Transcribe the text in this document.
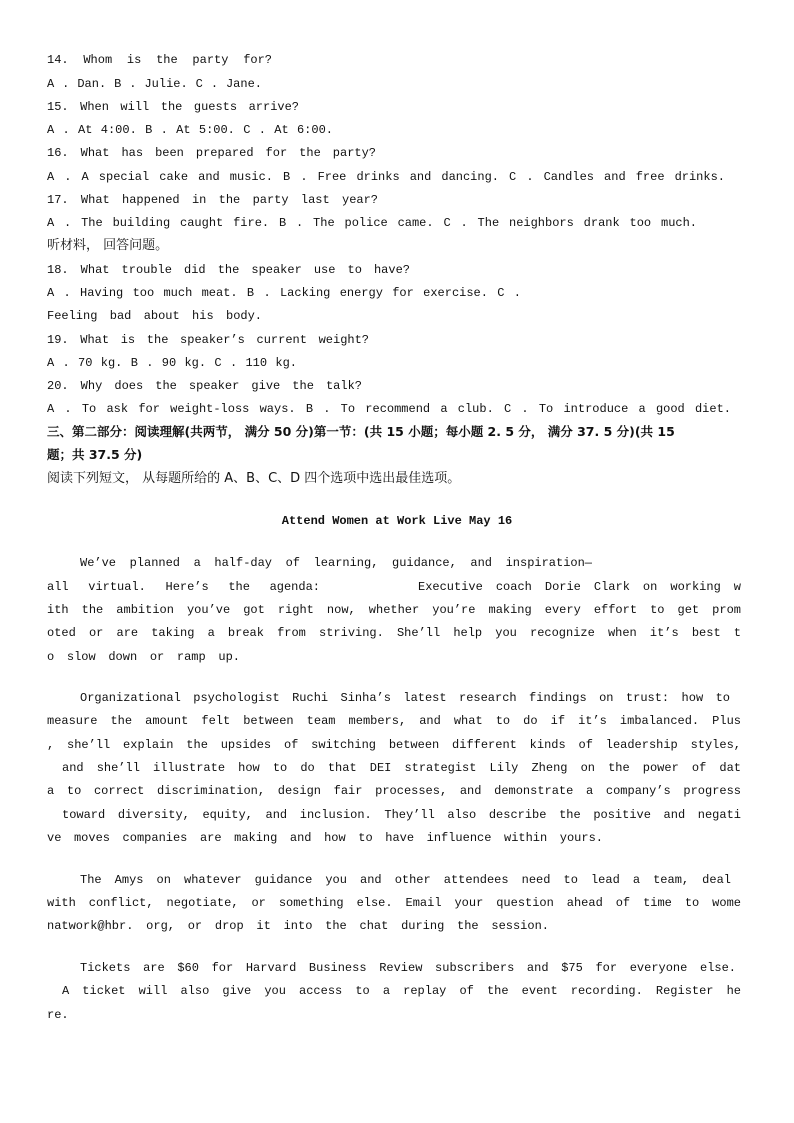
14. Whom is the party for?
A . Dan. B . Julie. C . Jane.
15. When will the guests arrive?
A . At 4:00. B . At 5:00. C . At 6:00.
16. What has been prepared for the party?
A . A special cake and music. B . Free drinks and dancing. C . Candles and free drinks.
17. What happened in the party last year?
A . The building caught fire. B . The police came. C . The neighbors drank too much.
听材料， 回答问题。
18. What trouble did the speaker use to have?
A . Having too much meat. B . Lacking energy for exercise. C .
Feeling bad about his body.
19. What is the speaker’s current weight?
A . 70 kg. B . 90 kg. C . 110 kg.
20. Why does the speaker give the talk?
A . To ask for weight-loss ways. B . To recommend a club. C . To introduce a good diet.
三、第二部分：阅读理解(共两节， 满分 50 分)第一节：(共 15 小题；每小题 2. 5 分， 满分 37. 5 分)(共 15
题；共 37.5 分)
阅读下列短文， 从每题所给的 A、B、C、D 四个选项中选出最佳选项。
Attend Women at Work Live May 16
We’ve planned a half-day of learning, guidance, and inspiration—
all virtual. Here’s the agenda:	Executive coach Dorie Clark on working w
ith the ambition you’ve got right now, whether you’re making every effort to get prom
oted or are taking a break from striving. She’ll help you recognize when it’s best t
o slow down or ramp up.
Organizational psychologist Ruchi Sinha’s latest research findings on trust: how to
measure the amount felt between team members, and what to do if it’s imbalanced. Plus
, she’ll explain the upsides of switching between different kinds of leadership styles,
and she’ll illustrate how to do that DEI strategist Lily Zheng on the power of dat
a to correct discrimination, design fair processes, and demonstrate a company’s progress
toward diversity, equity, and inclusion. They’ll also describe the positive and negati
ve moves companies are making and how to have influence within yours.
The Amys on whatever guidance you and other attendees need to lead a team, deal
with conflict, negotiate, or something else. Email your question ahead of time to wome
natwork@hbr. org, or drop it into the chat during the session.
Tickets are $60 for Harvard Business Review subscribers and $75 for everyone else.
A ticket will also give you access to a replay of the event recording. Register he
re.
